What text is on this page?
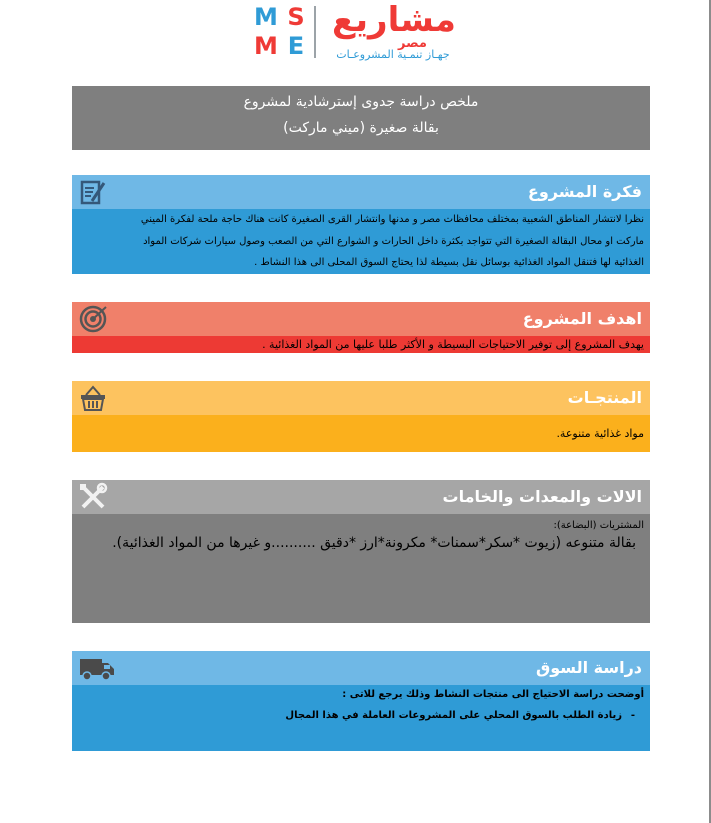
M S
M E
مشاريع
مصر
جهـاز تنمـية المشروعـات
ملخص دراسة جدوى إسترشادية لمشروع
بقالة صغيرة (ميني ماركت)
فكرة المشروع
نظرا لانتشار المناطق الشعبية بمختلف محافظات مصر و مدنها وانتشار القرى الصغيرة كانت هناك حاجة ملحة لفكرة الميني
ماركت او محال البقالة الصغيرة التي تتواجد بكثرة داخل الحارات و الشوارع التي من الصعب وصول سيارات شركات المواد
الغذائية لها فتنقل المواد الغذائية بوسائل نقل بسيطة لذا يحتاج السوق المحلى الى هذا النشاط .
اهدف المشروع
يهدف المشروع إلى توفير الاحتياجات البسيطة و الأكثر طلبا عليها من المواد الغذائية .
المنتجـات
مواد غذائية متنوعة.
الالات والمعدات والخامات
المشتريات (البضاعة):
بقالة متنوعه (زيوت *سكر*سمنات* مكرونة*ارز *دقيق ..........و غيرها من المواد الغذائية).
دراسة السوق
أوضحت دراسة الاحتياج الى منتجات النشاط وذلك يرجع للاتى :
-زيادة الطلب بالسوق المحلي على المشروعات العاملة في هذا المجال
